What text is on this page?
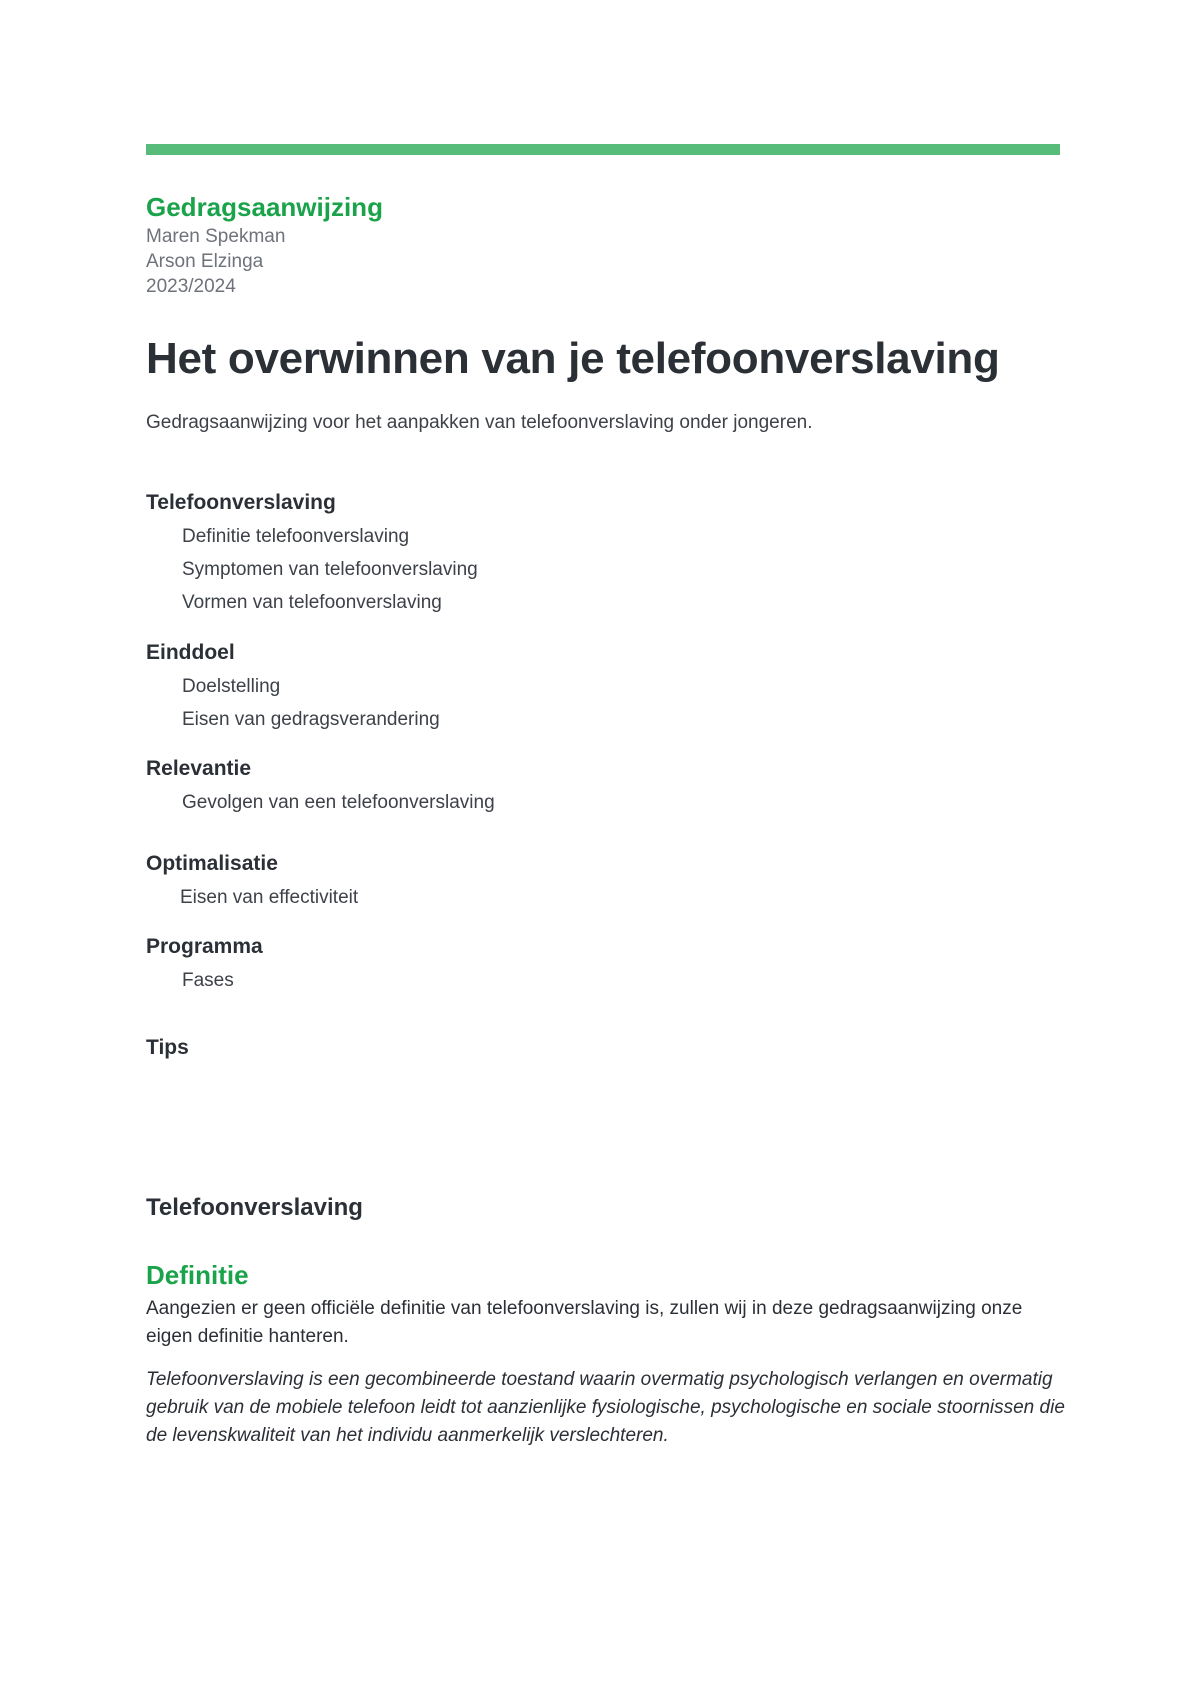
Gedragsaanwijzing

Maren Spekman

Arson Elzinga

2023/2024

Het overwinnen van je telefoonverslaving

Gedragsaanwijzing voor het aanpakken van telefoonverslaving onder jongeren.

Telefoonverslaving

Definitie telefoonverslaving

Symptomen van telefoonverslaving

Vormen van telefoonverslaving

Einddoel

Doelstelling

Eisen van gedragsverandering

Relevantie

Gevolgen van een telefoonverslaving

Optimalisatie

Eisen van effectiviteit

Programma

Fases

Tips

Telefoonverslaving
Definitie

Aangezien er geen officiële definitie van telefoonverslaving is, zullen wij in deze gedragsaanwijzing onze eigen definitie hanteren.

Telefoonverslaving is een gecombineerde toestand waarin overmatig psychologisch verlangen en overmatig gebruik van de mobiele telefoon leidt tot aanzienlijke fysiologische, psychologische en sociale stoornissen die de levenskwaliteit van het individu aanmerkelijk verslechteren.
